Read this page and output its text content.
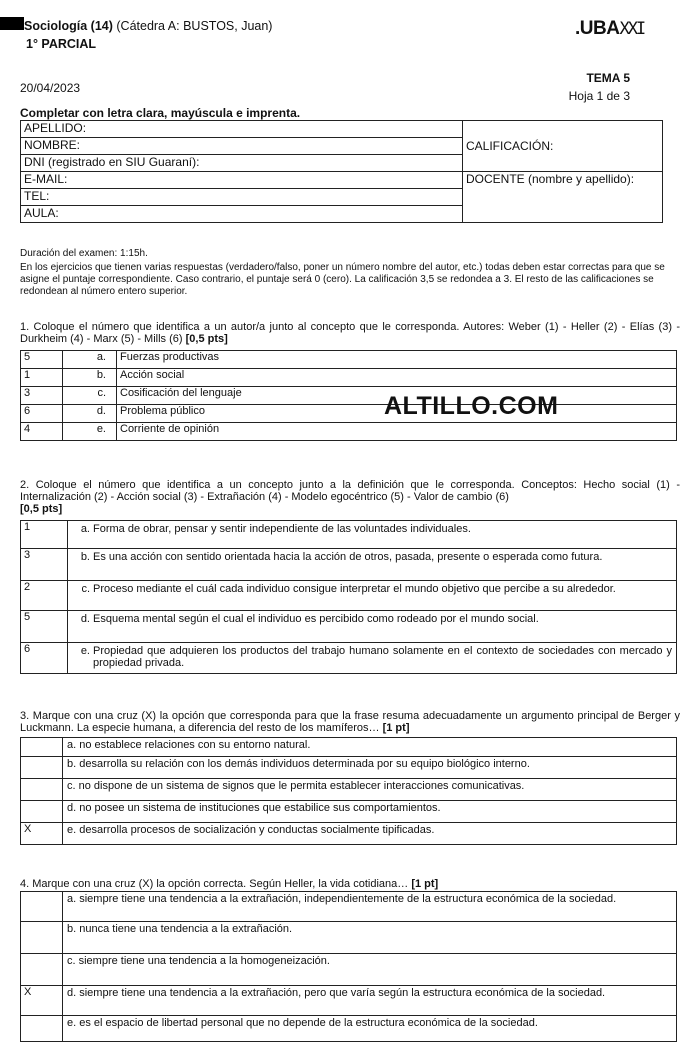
Sociología (14) (Cátedra A: BUSTOS, Juan)
1° PARCIAL
.UBAXXI
20/04/2023
TEMA 5
Hoja 1 de 3
Completar con letra clara, mayúscula e imprenta.
APELLIDO:	CALIFICACIÓN:
NOMBRE:	
DNI (registrado en SIU Guaraní):	
E-MAIL:	DOCENTE (nombre y apellido):
TEL:	
AULA:	
Duración del examen: 1:15h.
En los ejercicios que tienen varias respuestas (verdadero/falso, poner un número nombre del autor, etc.) todas deben estar correctas para que se asigne el puntaje correspondiente. Caso contrario, el puntaje será 0 (cero). La calificación 3,5 se redondea a 3. El resto de las calificaciones se redondean al número entero superior.
1. Coloque el número que identifica a un autor/a junto al concepto que le corresponda. Autores: Weber (1) - Heller (2) - Elías (3) - Durkheim (4) - Marx (5) - Mills (6) [0,5 pts]
5	a.	Fuerzas productivas
1	b.	Acción social
3	c.	Cosificación del lenguaje
6	d.	Problema público
4	e.	Corriente de opinión
ALTILLO.COM
2. Coloque el número que identifica a un concepto junto a la definición que le corresponda. Conceptos: Hecho social (1) - Internalización (2) - Acción social (3) - Extrañación (4) - Modelo egocéntrico (5) - Valor de cambio (6)
[0,5 pts]
1	a. Forma de obrar, pensar y sentir independiente de las voluntades individuales.
3	b. Es una acción con sentido orientada hacia la acción de otros, pasada, presente o esperada como futura.
2	c. Proceso mediante el cuál cada individuo consigue interpretar el mundo objetivo que percibe a su alrededor.
5	d. Esquema mental según el cual el individuo es percibido como rodeado por el mundo social.
6	e. Propiedad que adquieren los productos del trabajo humano solamente en el contexto de sociedades con mercado y propiedad privada.
3. Marque con una cruz (X) la opción que corresponda para que la frase resuma adecuadamente un argumento principal de Berger y Luckmann. La especie humana, a diferencia del resto de los mamíferos… [1 pt]
	a. no establece relaciones con su entorno natural.
	b. desarrolla su relación con los demás individuos determinada por su equipo biológico interno.
	c. no dispone de un sistema de signos que le permita establecer interacciones comunicativas.
	d. no posee un sistema de instituciones que estabilice sus comportamientos.
X	e. desarrolla procesos de socialización y conductas socialmente tipificadas.
4. Marque con una cruz (X) la opción correcta. Según Heller, la vida cotidiana… [1 pt]
	a. siempre tiene una tendencia a la extrañación, independientemente de la estructura económica de la sociedad.
	b. nunca tiene una tendencia a la extrañación.
	c. siempre tiene una tendencia a la homogeneización.
X	d. siempre tiene una tendencia a la extrañación, pero que varía según la estructura económica de la sociedad.
	e. es el espacio de libertad personal que no depende de la estructura económica de la sociedad.
